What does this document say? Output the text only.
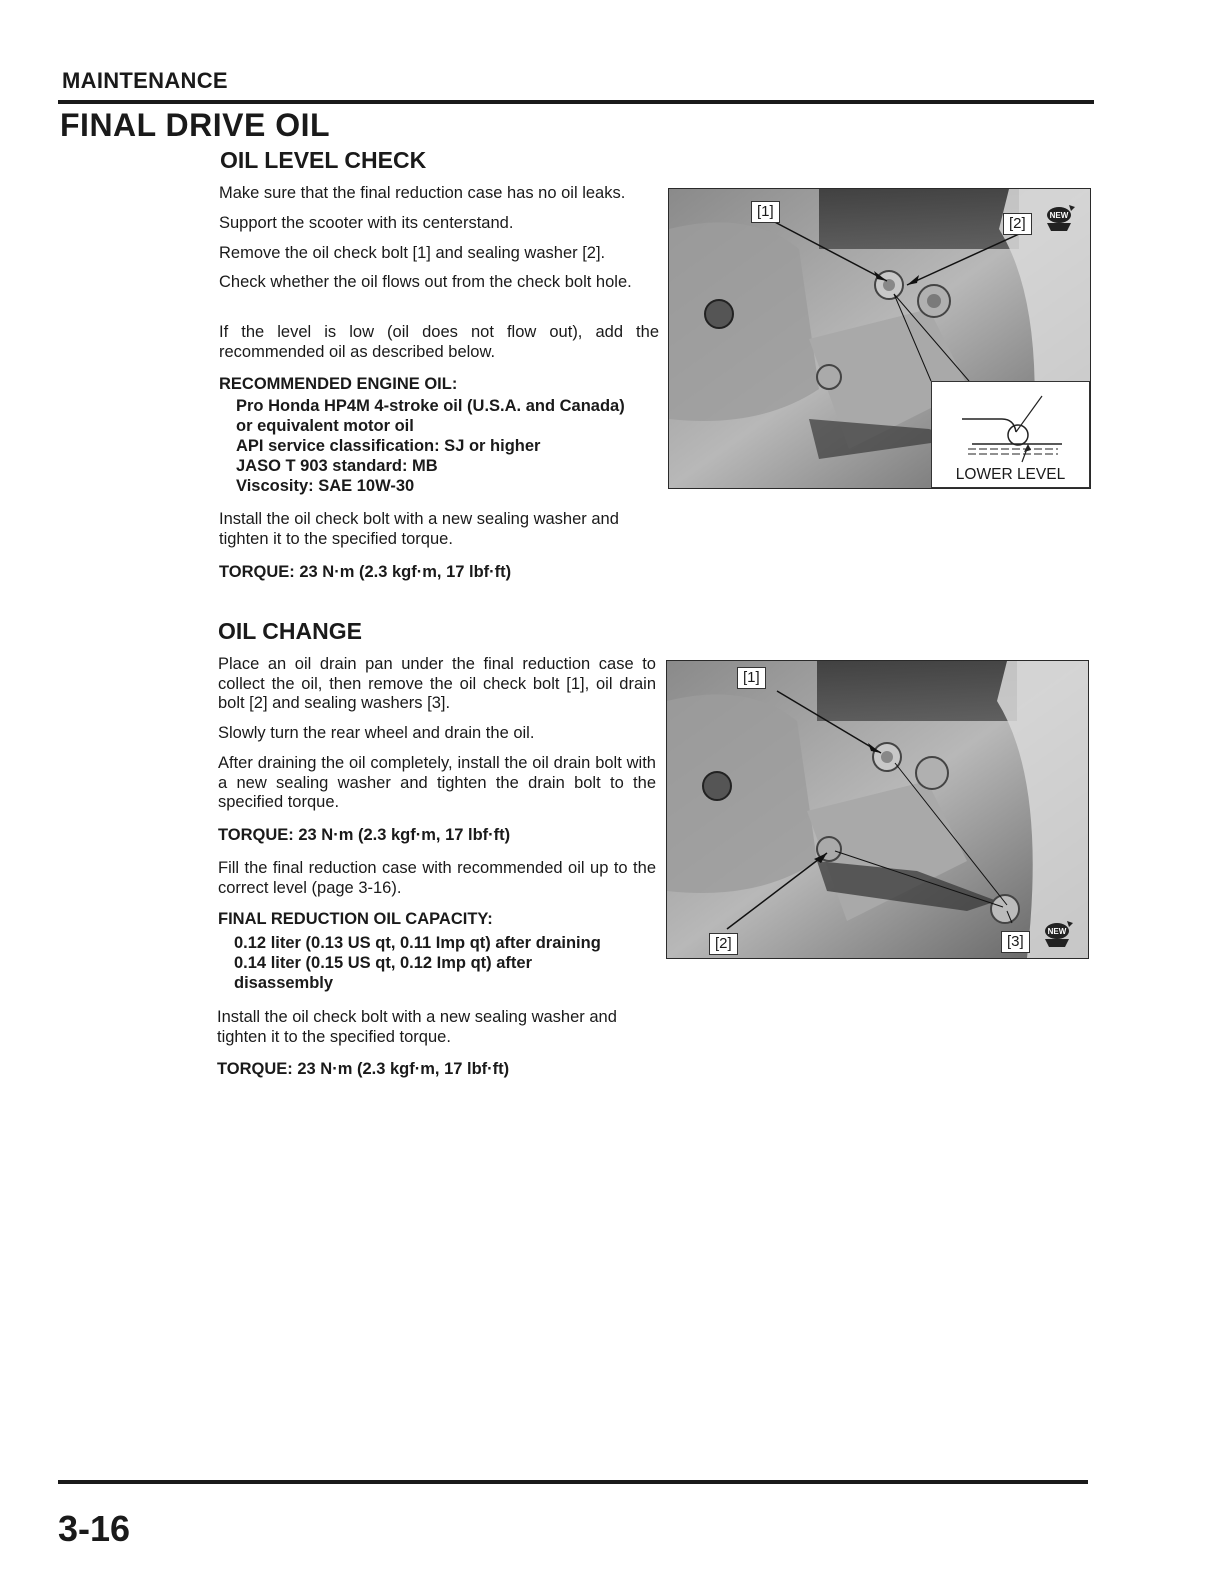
MAINTENANCE
FINAL DRIVE OIL
OIL LEVEL CHECK
Make sure that the final reduction case has no oil leaks.
Support the scooter with its centerstand.
Remove the oil check bolt [1] and sealing washer [2].
Check whether the oil flows out from the check bolt hole.
If the level is low (oil does not flow out), add the recommended oil as described below.
RECOMMENDED ENGINE OIL:
Pro Honda HP4M 4-stroke oil (U.S.A. and Canada)
or equivalent motor oil
API service classification: SJ or higher
JASO T 903 standard: MB
Viscosity: SAE 10W-30
Install the oil check bolt with a new sealing washer and tighten it to the specified torque.
TORQUE: 23 N·m (2.3 kgf·m, 17 lbf·ft)
[1]
[2]	NEW
LOWER LEVEL
OIL CHANGE
Place an oil drain pan under the final reduction case to collect the oil, then remove the oil check bolt [1], oil drain bolt [2] and sealing washers [3].
Slowly turn the rear wheel and drain the oil.
After draining the oil completely, install the oil drain bolt with a new sealing washer and tighten the drain bolt to the specified torque.
TORQUE: 23 N·m (2.3 kgf·m, 17 lbf·ft)
Fill the final reduction case with recommended oil up to the correct level (page 3-16).
FINAL REDUCTION OIL CAPACITY:
0.12 liter (0.13 US qt, 0.11 Imp qt) after draining
0.14 liter (0.15 US qt, 0.12 Imp qt) after
disassembly
Install the oil check bolt with a new sealing washer and tighten it to the specified torque.
TORQUE: 23 N·m (2.3 kgf·m, 17 lbf·ft)
[1]
[2]	[3]
NEW
3-16
